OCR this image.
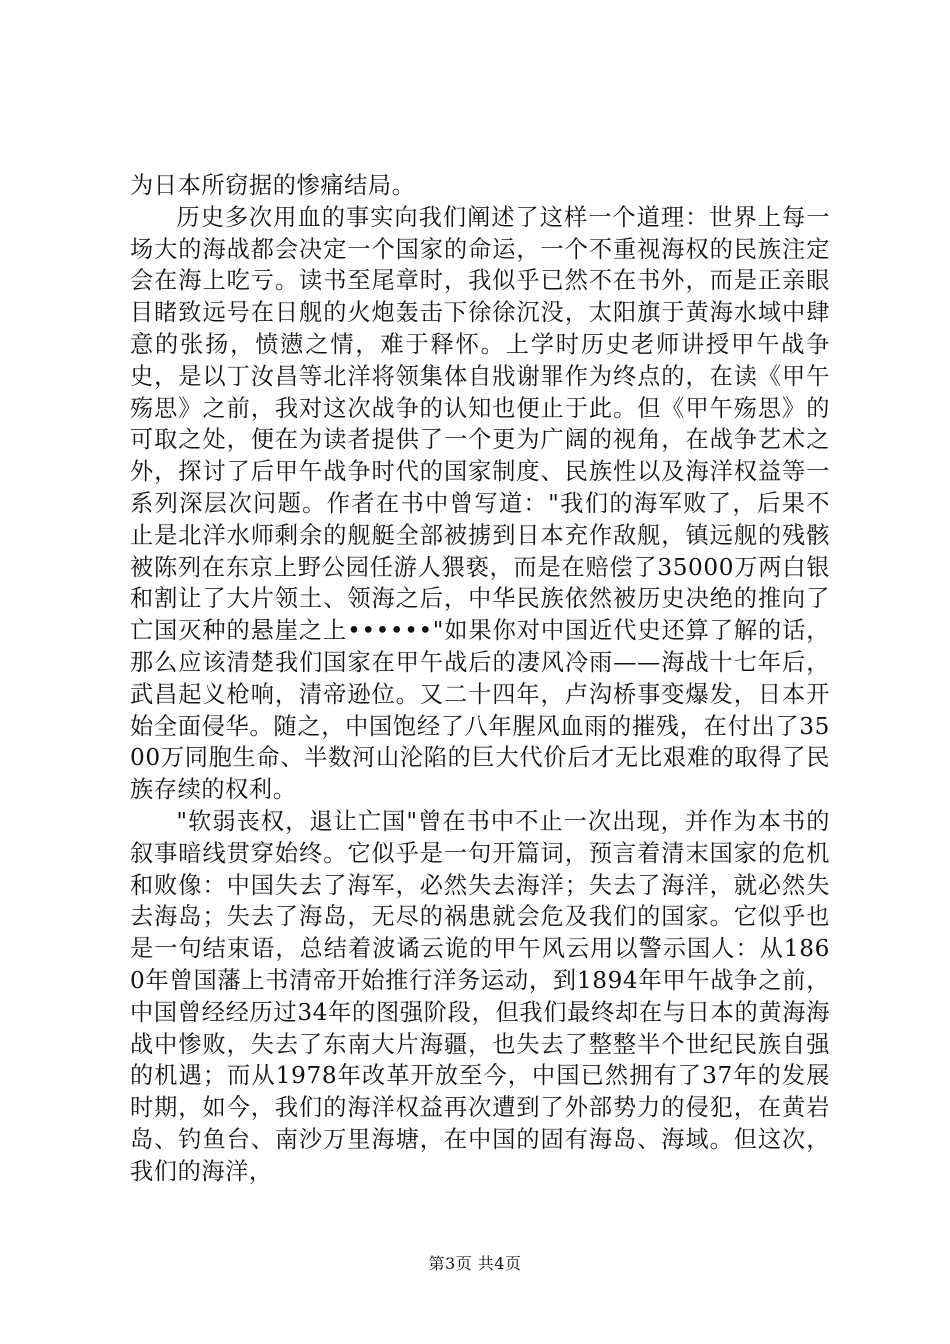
为日本所窃据的惨痛结局。

历史多次用血的事实向我们阐述了这样一个道理：世界上每一场大的海战都会决定一个国家的命运，一个不重视海权的民族注定会在海上吃亏。读书至尾章时，我似乎已然不在书外，而是正亲眼目睹致远号在日舰的火炮轰击下徐徐沉没，太阳旗于黄海水域中肆意的张扬，愤懑之情，难于释怀。上学时历史老师讲授甲午战争史，是以丁汝昌等北洋将领集体自戕谢罪作为终点的，在读《甲午殇思》之前，我对这次战争的认知也便止于此。但《甲午殇思》的可取之处，便在为读者提供了一个更为广阔的视角，在战争艺术之外，探讨了后甲午战争时代的国家制度、民族性以及海洋权益等一系列深层次问题。作者在书中曾写道："我们的海军败了，后果不止是北洋水师剩余的舰艇全部被掳到日本充作敌舰，镇远舰的残骸被陈列在东京上野公园任游人猥亵，而是在赔偿了35000万两白银和割让了大片领土、领海之后，中华民族依然被历史决绝的推向了亡国灭种的悬崖之上••••••"如果你对中国近代史还算了解的话，那么应该清楚我们国家在甲午战后的凄风冷雨——海战十七年后，武昌起义枪响，清帝逊位。又二十四年，卢沟桥事变爆发，日本开始全面侵华。随之，中国饱经了八年腥风血雨的摧残，在付出了3500万同胞生命、半数河山沦陷的巨大代价后才无比艰难的取得了民族存续的权利。

"软弱丧权，退让亡国"曾在书中不止一次出现，并作为本书的叙事暗线贯穿始终。它似乎是一句开篇词，预言着清末国家的危机和败像：中国失去了海军，必然失去海洋；失去了海洋，就必然失去海岛；失去了海岛，无尽的祸患就会危及我们的国家。它似乎也是一句结束语，总结着波谲云诡的甲午风云用以警示国人：从1860年曾国藩上书清帝开始推行洋务运动，到1894年甲午战争之前，中国曾经经历过34年的图强阶段，但我们最终却在与日本的黄海海战中惨败，失去了东南大片海疆，也失去了整整半个世纪民族自强的机遇；而从1978年改革开放至今，中国已然拥有了37年的发展时期，如今，我们的海洋权益再次遭到了外部势力的侵犯，在黄岩岛、钓鱼台、南沙万里海塘，在中国的固有海岛、海域。但这次，我们的海洋，

第3页 共4页
